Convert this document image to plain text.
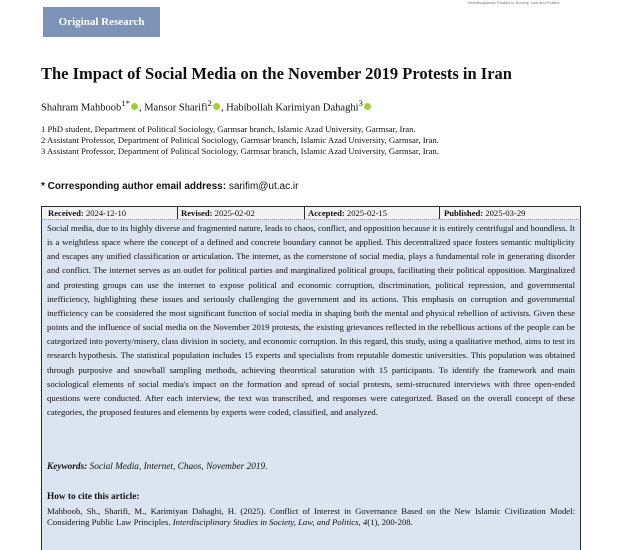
Original Research
Interdisciplinary Studies in Society, Law and Politics
The Impact of Social Media on the November 2019 Protests in Iran
Shahram Mahboob$^{1*}$ , Mansor Sharifi$^2$ , Habibollah Karimiyan Dahaghi$^3$
1 PhD student, Department of Political Sociology, Garmsar branch, Islamic Azad University, Garmsar, Iran.
2 Assistant Professor, Department of Political Sociology, Garmsar branch, Islamic Azad University, Garmsar, Iran.
3 Assistant Professor, Department of Political Sociology, Garmsar branch, Islamic Azad University, Garmsar, Iran.
* Corresponding author email address: sarifim@ut.ac.ir
Received: 2024-12-10	Revised: 2025-02-02	Accepted: 2025-02-15	Published: 2025-03-29

Social media, due to its highly diverse and fragmented nature, leads to chaos, conflict, and opposition because it is entirely centrifugal and boundless. It is a weightless space where the concept of a defined and concrete boundary cannot be applied. This decentralized space fosters semantic multiplicity and escapes any unified classification or articulation. The internet, as the cornerstone of social media, plays a fundamental role in generating disorder and conflict. The internet serves as an outlet for political parties and marginalized political groups, facilitating their political opposition. Marginalized and protesting groups can use the internet to expose political and economic corruption, discrimination, political repression, and governmental inefficiency, highlighting these issues and seriously challenging the government and its actions. This emphasis on corruption and governmental inefficiency can be considered the most significant function of social media in shaping both the mental and physical rebellion of activists. Given these points and the influence of social media on the November 2019 protests, the existing grievances reflected in the rebellious actions of the people can be categorized into poverty/misery, class division in society, and economic corruption. In this regard, this study, using a qualitative method, aims to test its research hypothesis. The statistical population includes 15 experts and specialists from reputable domestic universities. This population was obtained through purposive and snowball sampling methods, achieving theoretical saturation with 15 participants. To identify the framework and main sociological elements of social media's impact on the formation and spread of social protests, semi-structured interviews with three open-ended questions were conducted. After each interview, the text was transcribed, and responses were categorized. Based on the overall concept of these categories, the proposed features and elements by experts were coded, classified, and analyzed.

Keywords: Social Media, Internet, Chaos, November 2019.
How to cite this article:

Mahboob, Sh., Sharifi, M., Karimiyan Dahaghi, H. (2025). Conflict of Interest in Governance Based on the New Islamic Civilization Model: Considering Public Law Principles. Interdisciplinary Studies in Society, Law, and Politics, 4(1), 200-208.
